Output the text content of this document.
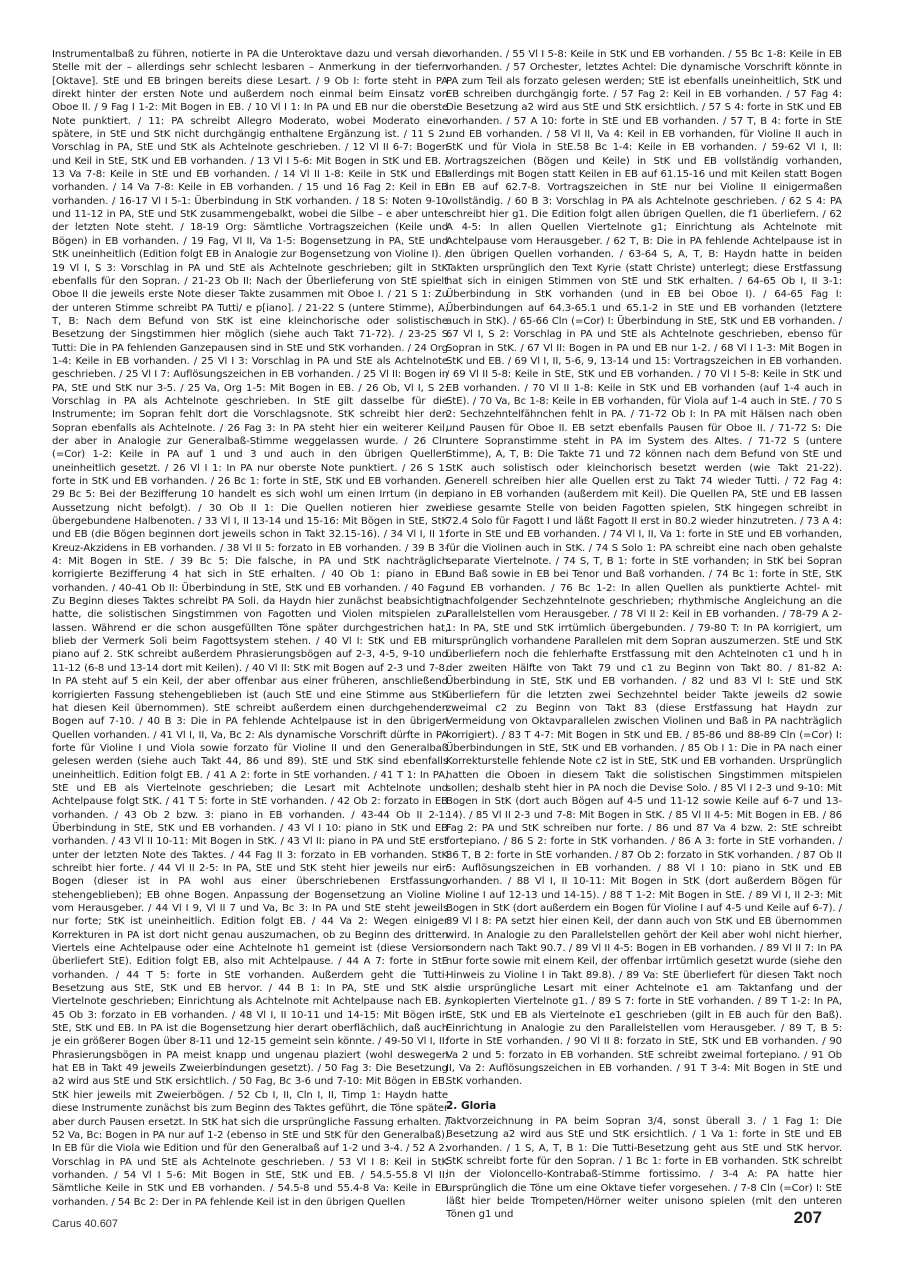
Instrumentalbaß zu führen, notierte in PA die Unteroktave dazu und versah die Stelle mit der – allerdings sehr schlecht lesbaren – Anmerkung in der tiefern [Oktave]. StE und EB bringen bereits diese Lesart. / 9 Ob I: forte steht in PA direkt hinter der ersten Note und außerdem noch einmal beim Einsatz von Oboe II. / 9 Fag I 1-2: Mit Bogen in EB. / 10 Vl I 1: In PA und EB nur die oberste Note punktiert. / 11: PA schreibt Allegro Moderato, wobei Moderato eine spätere, in StE und StK nicht durchgängig enthaltene Ergänzung ist. / 11 S 2: Vorschlag in PA, StE und StK als Achtelnote geschrieben. / 12 Vl II 6-7: Bogen und Keil in StE, StK und EB vorhanden. / 13 Vl I 5-6: Mit Bogen in StK und EB. / 13 Va 7-8: Keile in StE und EB vorhanden. / 14 Vl II 1-8: Keile in StK und EB vorhanden. / 14 Va 7-8: Keile in EB vorhanden. / 15 und 16 Fag 2: Keil in EB vorhanden. / 16-17 Vl I 5-1: Überbindung in StK vorhanden. / 18 S: Noten 9-10 und 11-12 in PA, StE und StK zusammengebalkt, wobei die Silbe – e aber unter der letzten Note steht. / 18-19 Org: Sämtliche Vortragszeichen (Keile und Bögen) in EB vorhanden. / 19 Fag, Vl II, Va 1-5: Bogensetzung in PA, StE und StK uneinheitlich (Edition folgt EB in Analogie zur Bogensetzung von Violine I). / 19 Vl I, S 3: Vorschlag in PA und StE als Achtelnote geschrieben; gilt in StK ebenfalls für den Sopran. / 21-23 Ob II: Nach der Überlieferung von StE spielt Oboe II die jeweils erste Note dieser Takte zusammen mit Oboe I. / 21 S 1: Zu der unteren Stimme schreibt PA Tutti/ e p[iano]. / 21-22 S (untere Stimme), A, T, B: Nach dem Befund von StK ist eine kleinchorische oder solistische Besetzung der Singstimmen hier möglich (siehe auch Takt 71-72). / 23-25 S Tutti: Die in PA fehlenden Ganzepausen sind in StE und StK vorhanden. / 24 Org 1-4: Keile in EB vorhanden. / 25 Vl I 3: Vorschlag in PA und StE als Achtelnote geschrieben. / 25 Vl I 7: Auflösungszeichen in EB vorhanden. / 25 Vl II: Bogen in PA, StE und StK nur 3-5. / 25 Va, Org 1-5: Mit Bogen in EB. / 26 Ob, Vl I, S 2: Vorschlag in PA als Achtelnote geschrieben. In StE gilt dasselbe für die Instrumente; im Sopran fehlt dort die Vorschlagsnote. StK schreibt hier den Sopran ebenfalls als Achtelnote. / 26 Fag 3: In PA steht hier ein weiterer Keil, der aber in Analogie zur Generalbaß-Stimme weggelassen wurde. / 26 Cln (=Cor) 1-2: Keile in PA auf 1 und 3 und auch in den übrigen Quellen uneinheitlich gesetzt. / 26 Vl I 1: In PA nur oberste Note punktiert. / 26 S 1: forte in StK und EB vorhanden. / 26 Bc 1: forte in StE, StK und EB vorhanden. / 29 Bc 5: Bei der Bezifferung 10 handelt es sich wohl um einen Irrtum (in der Aussetzung nicht befolgt). / 30 Ob II 1: Die Quellen notieren hier zwei übergebundene Halbenoten. / 33 Vl I, II 13-14 und 15-16: Mit Bögen in StE, StK und EB (die Bögen beginnen dort jeweils schon in Takt 32.15-16). / 34 Vl I, II 1: Kreuz-Akzidens in EB vorhanden. / 38 Vl II 5: forzato in EB vorhanden. / 39 B 3-4: Mit Bogen in StE. / 39 Bc 5: Die falsche, in PA und StK nachträglich korrigierte Bezifferung 4 hat sich in StE erhalten. / 40 Ob 1: piano in EB vorhanden. / 40-41 Ob II: Überbindung in StE, StK und EB vorhanden. / 40 Fag: Zu Beginn dieses Taktes schreibt PA Soli. da Haydn hier zunächst beabsichtigt hatte, die solistischen Singstimmen von Fagotten und Violen mitspielen zu lassen. Während er die schon ausgefüllten Töne später durchgestrichen hat, blieb der Vermerk Soli beim Fagottsystem stehen. / 40 Vl I: StK und EB mit piano auf 2. StK schreibt außerdem Phrasierungsbögen auf 2-3, 4-5, 9-10 und 11-12 (6-8 und 13-14 dort mit Keilen). / 40 Vl II: StK mit Bogen auf 2-3 und 7-8. In PA steht auf 5 ein Keil, der aber offenbar aus einer früheren, anschließend korrigierten Fassung stehengeblieben ist (auch StE und eine Stimme aus StK hat diesen Keil übernommen). StE schreibt außerdem einen durchgehenden Bogen auf 7-10. / 40 B 3: Die in PA fehlende Achtelpause ist in den übrigen Quellen vorhanden. / 41 Vl I, II, Va, Bc 2: Als dynamische Vorschrift dürfte in PA forte für Violine I und Viola sowie forzato für Violine II und den Generalbaß gelesen werden (siehe auch Takt 44, 86 und 89). StE und StK sind ebenfalls uneinheitlich. Edition folgt EB. / 41 A 2: forte in StE vorhanden. / 41 T 1: In PA, StE und EB als Viertelnote geschrieben; die Lesart mit Achtelnote und Achtelpause folgt StK. / 41 T 5: forte in StE vorhanden. / 42 Ob 2: forzato in EB vorhanden. / 43 Ob 2 bzw. 3: piano in EB vorhanden. / 43-44 Ob II 2-1: Überbindung in StE, StK und EB vorhanden. / 43 Vl I 10: piano in StK und EB vorhanden. / 43 Vl II 10-11: Mit Bogen in StK. / 43 Vl II: piano in PA und StE erst unter der letzten Note des Taktes. / 44 Fag II 3: forzato in EB vorhanden. StK schreibt hier forte. / 44 Vl II 2-5: In PA, StE und StK steht hier jeweils nur ein Bogen (dieser ist in PA wohl aus einer überschriebenen Erstfassung stehengeblieben); EB ohne Bogen. Anpassung der Bogensetzung an Violine I vom Herausgeber. / 44 Vl I 9, Vl II 7 und Va, Bc 3: In PA und StE steht jeweils nur forte; StK ist uneinheitlich. Edition folgt EB. / 44 Va 2: Wegen einiger Korrekturen in PA ist dort nicht genau auszumachen, ob zu Beginn des dritten Viertels eine Achtelpause oder eine Achtelnote h1 gemeint ist (diese Version überliefert StE). Edition folgt EB, also mit Achtelpause. / 44 A 7: forte in StE vorhanden. / 44 T 5: forte in StE vorhanden. Außerdem geht die Tutti-Besetzung aus StE, StK und EB hervor. / 44 B 1: In PA, StE und StK als Viertelnote geschrieben; Einrichtung als Achtelnote mit Achtelpause nach EB. / 45 Ob 3: forzato in EB vorhanden. / 48 Vl I, II 10-11 und 14-15: Mit Bögen in StE, StK und EB. In PA ist die Bogensetzung hier derart oberflächlich, daß auch je ein größerer Bogen über 8-11 und 12-15 gemeint sein könnte. / 49-50 Vl I, II: Phrasierungsbögen in PA meist knapp und ungenau plaziert (wohl deswegen hat EB in Takt 49 jeweils Zweierbindungen gesetzt). / 50 Fag 3: Die Besetzung a2 wird aus StE und StK ersichtlich. / 50 Fag, Bc 3-6 und 7-10: Mit Bögen in EB. StK hier jeweils mit Zweierbögen. / 52 Cb I, II, Cln I, II, Timp 1: Haydn hatte diese Instrumente zunächst bis zum Beginn des Taktes geführt, die Töne später aber durch Pausen ersetzt. In StK hat sich die ursprüngliche Fassung erhalten. / 52 Va, Bc: Bogen in PA nur auf 1-2 (ebenso in StE und StK für den Generalbaß). In EB für die Viola wie Edition und für den Generalbaß auf 1-2 und 3-4. / 52 A 2: Vorschlag in PA und StE als Achtelnote geschrieben. / 53 Vl I 8: Keil in StK vorhanden. / 54 Vl I 5-6: Mit Bogen in StE, StK und EB. / 54.5-55.8 Vl II: Sämtliche Keile in StK und EB vorhanden. / 54.5-8 und 55.4-8 Va: Keile in EB vorhanden. / 54 Bc 2: Der in PA fehlende Keil ist in den übrigen Quellen

vorhanden. / 55 Vl I 5-8: Keile in StK und EB vorhanden. / 55 Bc 1-8: Keile in EB vorhanden. / 57 Orchester, letztes Achtel: Die dynamische Vorschrift könnte in PA zum Teil als forzato gelesen werden; StE ist ebenfalls uneinheitlich, StK und EB schreiben durchgängig forte. / 57 Fag 2: Keil in EB vorhanden. / 57 Fag 4: Die Besetzung a2 wird aus StE und StK ersichtlich. / 57 S 4: forte in StK und EB vorhanden. / 57 A 10: forte in StE und EB vorhanden. / 57 T, B 4: forte in StE und EB vorhanden. / 58 Vl II, Va 4: Keil in EB vorhanden, für Violine II auch in StK und für Viola in StE.58 Bc 1-4: Keile in EB vorhanden. / 59-62 Vl I, II: Vortragszeichen (Bögen und Keile) in StK und EB vollständig vorhanden, allerdings mit Bogen statt Keilen in EB auf 61.15-16 und mit Keilen statt Bogen in EB auf 62.7-8. Vortragszeichen in StE nur bei Violine II einigermaßen vollständig. / 60 B 3: Vorschlag in PA als Achtelnote geschrieben. / 62 S 4: PA schreibt hier g1. Die Edition folgt allen übrigen Quellen, die f1 überliefern. / 62 A 4-5: In allen Quellen Viertelnote g1; Einrichtung als Achtelnote mit Achtelpause vom Herausgeber. / 62 T, B: Die in PA fehlende Achtelpause ist in den übrigen Quellen vorhanden. / 63-64 S, A, T, B: Haydn hatte in beiden Takten ursprünglich den Text Kyrie (statt Christe) unterlegt; diese Erstfassung hat sich in einigen Stimmen von StE und StK erhalten. / 64-65 Ob I, II 3-1: Überbindung in StK vorhanden (und in EB bei Oboe I). / 64-65 Fag I: Überbindungen auf 64.3-65.1 und 65.1-2 in StE und EB vorhanden (letztere auch in StK). / 65-66 Cln (=Cor) I: Überbindung in StE, StK und EB vorhanden. / 67 Vl I, S 2: Vorschlag in PA und StE als Achtelnote geschrieben, ebenso für Sopran in StK. / 67 Vl II: Bogen in PA und EB nur 1-2. / 68 Vl I 1-3: Mit Bogen in StK und EB. / 69 Vl I, II, 5-6, 9, 13-14 und 15: Vortragszeichen in EB vorhanden. / 69 Vl II 5-8: Keile in StE, StK und EB vorhanden. / 70 Vl I 5-8: Keile in StK und EB vorhanden. / 70 Vl II 1-8: Keile in StK und EB vorhanden (auf 1-4 auch in StE). / 70 Va, Bc 1-8: Keile in EB vorhanden, für Viola auf 1-4 auch in StE. / 70 S 2: Sechzehntelfähnchen fehlt in PA. / 71-72 Ob I: In PA mit Hälsen nach oben und Pausen für Oboe II. EB setzt ebenfalls Pausen für Oboe II. / 71-72 S: Die untere Sopranstimme steht in PA im System des Altes. / 71-72 S (untere Stimme), A, T, B: Die Takte 71 und 72 können nach dem Befund von StE und StK auch solistisch oder kleinchorisch besetzt werden (wie Takt 21-22). Generell schreiben hier alle Quellen erst zu Takt 74 wieder Tutti. / 72 Fag 4: piano in EB vorhanden (außerdem mit Keil). Die Quellen PA, StE und EB lassen diese gesamte Stelle von beiden Fagotten spielen, StK hingegen schreibt in 72.4 Solo für Fagott I und läßt Fagott II erst in 80.2 wieder hinzutreten. / 73 A 4: forte in StE und EB vorhanden. / 74 Vl I, II, Va 1: forte in StE und EB vorhanden, für die Violinen auch in StK. / 74 S Solo 1: PA schreibt eine nach oben gehalste separate Viertelnote. / 74 S, T, B 1: forte in StE vorhanden; in StK bei Sopran und Baß sowie in EB bei Tenor und Baß vorhanden. / 74 Bc 1: forte in StE, StK und EB vorhanden. / 76 Bc 1-2: In allen Quellen als punktierte Achtel- mit nachfolgender Sechzehntelnote geschrieben; rhythmische Angleichung an die Parallelstellen vom Herausgeber. / 78 Vl II 2: Keil in EB vorhanden. / 78-79 A 2-1: In PA, StE und StK irrtümlich übergebunden. / 79-80 T: In PA korrigiert, um ursprünglich vorhandene Parallelen mit dem Sopran auszumerzen. StE und StK überliefern noch die fehlerhafte Erstfassung mit den Achtelnoten c1 und h in der zweiten Hälfte von Takt 79 und c1 zu Beginn von Takt 80. / 81-82 A: Überbindung in StE, StK und EB vorhanden. / 82 und 83 Vl I: StE und StK überliefern für die letzten zwei Sechzehntel beider Takte jeweils d2 sowie zweimal c2 zu Beginn von Takt 83 (diese Erstfassung hat Haydn zur Vermeidung von Oktavparallelen zwischen Violinen und Baß in PA nachträglich korrigiert). / 83 T 4-7: Mit Bogen in StK und EB. / 85-86 und 88-89 Cln (=Cor) I: Überbindungen in StE, StK und EB vorhanden. / 85 Ob I 1: Die in PA nach einer Korrekturstelle fehlende Note c2 ist in StE, StK und EB vorhanden. Ursprünglich hatten die Oboen in diesem Takt die solistischen Singstimmen mitspielen sollen; deshalb steht hier in PA noch die Devise Solo. / 85 Vl I 2-3 und 9-10: Mit Bogen in StK (dort auch Bögen auf 4-5 und 11-12 sowie Keile auf 6-7 und 13-14). / 85 Vl II 2-3 und 7-8: Mit Bogen in StK. / 85 Vl II 4-5: Mit Bogen in EB. / 86 Fag 2: PA und StK schreiben nur forte. / 86 und 87 Va 4 bzw. 2: StE schreibt fortepiano. / 86 S 2: forte in StK vorhanden. / 86 A 3: forte in StE vorhanden. / 86 T, B 2: forte in StE vorhanden. / 87 Ob 2: forzato in StK vorhanden. / 87 Ob II 5: Auflösungszeichen in EB vorhanden. / 88 Vl I 10: piano in StK und EB vorhanden. / 88 Vl I, II 10-11: Mit Bogen in StK (dort außerdem Bögen für Violine I auf 12-13 und 14-15). / 88 T 1-2: Mit Bogen in StE. / 89 Vl I, II 2-3: Mit Bogen in StK (dort außerdem ein Bogen für Violine I auf 4-5 und Keile auf 6-7). / 89 Vl I 8: PA setzt hier einen Keil, der dann auch von StK und EB übernommen wird. In Analogie zu den Parallelstellen gehört der Keil aber wohl nicht hierher, sondern nach Takt 90.7. / 89 Vl II 4-5: Bogen in EB vorhanden. / 89 Vl II 7: In PA nur forte sowie mit einem Keil, der offenbar irrtümlich gesetzt wurde (siehe den Hinweis zu Violine I in Takt 89.8). / 89 Va: StE überliefert für diesen Takt noch die ursprüngliche Lesart mit einer Achtelnote e1 am Taktanfang und der synkopierten Viertelnote g1. / 89 S 7: forte in StE vorhanden. / 89 T 1-2: In PA, StE, StK und EB als Viertelnote e1 geschrieben (gilt in EB auch für den Baß). Einrichtung in Analogie zu den Parallelstellen vom Herausgeber. / 89 T, B 5: forte in StE vorhanden. / 90 Vl II 8: forzato in StE, StK und EB vorhanden. / 90 Va 2 und 5: forzato in EB vorhanden. StE schreibt zweimal fortepiano. / 91 Ob II, Va 2: Auflösungszeichen in EB vorhanden. / 91 T 3-4: Mit Bogen in StE und StK vorhanden.

2. Gloria

Taktvorzeichnung in PA beim Sopran 3/4, sonst überall 3. / 1 Fag 1: Die Besetzung a2 wird aus StE und StK ersichtlich. / 1 Va 1: forte in StE und EB vorhanden. / 1 S, A, T, B 1: Die Tutti-Besetzung geht aus StE und StK hervor. StK schreibt forte für den Sopran. / 1 Bc 1: forte in EB vorhanden. StK schreibt in der Violoncello-Kontrabaß-Stimme fortissimo. / 3-4 A: PA hatte hier ursprünglich die Töne um eine Oktave tiefer vorgesehen. / 7-8 Cln (=Cor) I: StE läßt hier beide Trompeten/Hörner weiter unisono spielen (mit den unteren Tönen g1 und

Carus 40.607	207
